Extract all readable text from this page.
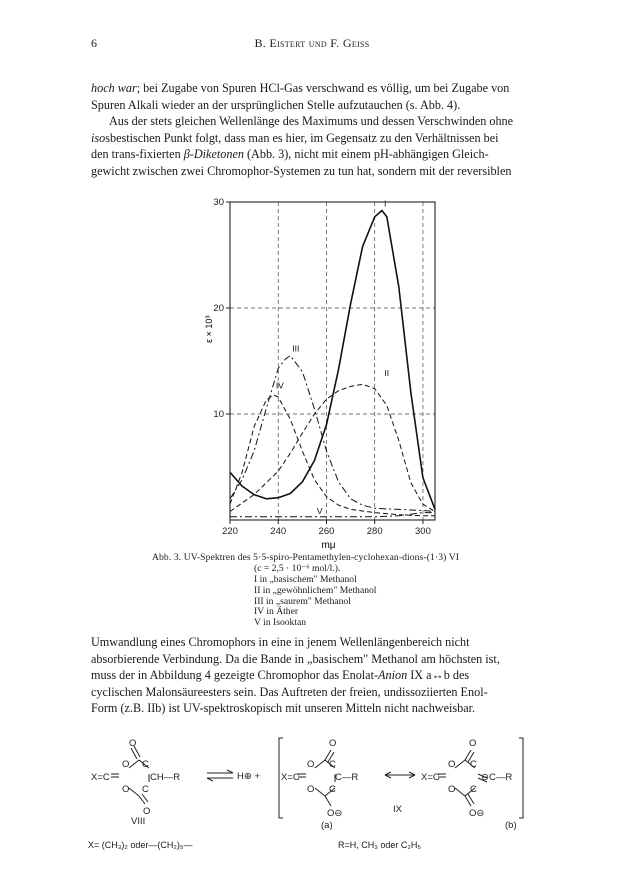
6	B. Eistert und F. Geiss

hoch war; bei Zugabe von Spuren HCl-Gas verschwand es völlig, um bei Zugabe von

Spuren Alkali wieder an der ursprünglichen Stelle aufzutauchen (s. Abb. 4).

Aus der stets gleichen Wellenlänge des Maximums und dessen Verschwinden ohne

isosbestischen Punkt folgt, dass man es hier, im Gegensatz zu den Verhältnissen bei

den trans-fixierten β-Diketonen (Abb. 3), nicht mit einem pH-abhängigen Gleich-

gewicht zwischen zwei Chromophor-Systemen zu tun hat, sondern mit der reversiblen

I
II
III
IV
V
220	240	260	280	300
10
20
30
ε × 10³
mμ
Abb. 3. UV-Spektren des 5·5-spiro-Pentamethylen-cyclohexan-dions-(1·3) VI
(c = 2,5 · 10⁻⁶ mol/l.).
I in „basischem" Methanol
II in „gewöhnlichem" Methanol
III in „saurem" Methanol
IV in Äther
V in Isooktan

Umwandlung eines Chromophors in eine in jenem Wellenlängenbereich nicht

absorbierende Verbindung. Da die Bande in „basischem" Methanol am höchsten ist,

muss der in Abbildung 4 gezeigte Chromophor das Enolat-Anion IX a↔b des

cyclischen Malonsäureesters sein. Das Auftreten der freien, undissoziierten Enol-

Form (z.B. IIb) ist UV-spektroskopisch mit unseren Mitteln nicht nachweisbar.

O
O C
X=C	CH—R
O C
O
H⊕ +
O
O C
X=C	C—R
O C
O⊖
O
O C
X=C	⊖C—R
O C
O⊖
VIII
IX
(a)	(b)
X= (CH₃)₂ oder—(CH₂)₅—	R=H, CH₃ oder C₂H₅
